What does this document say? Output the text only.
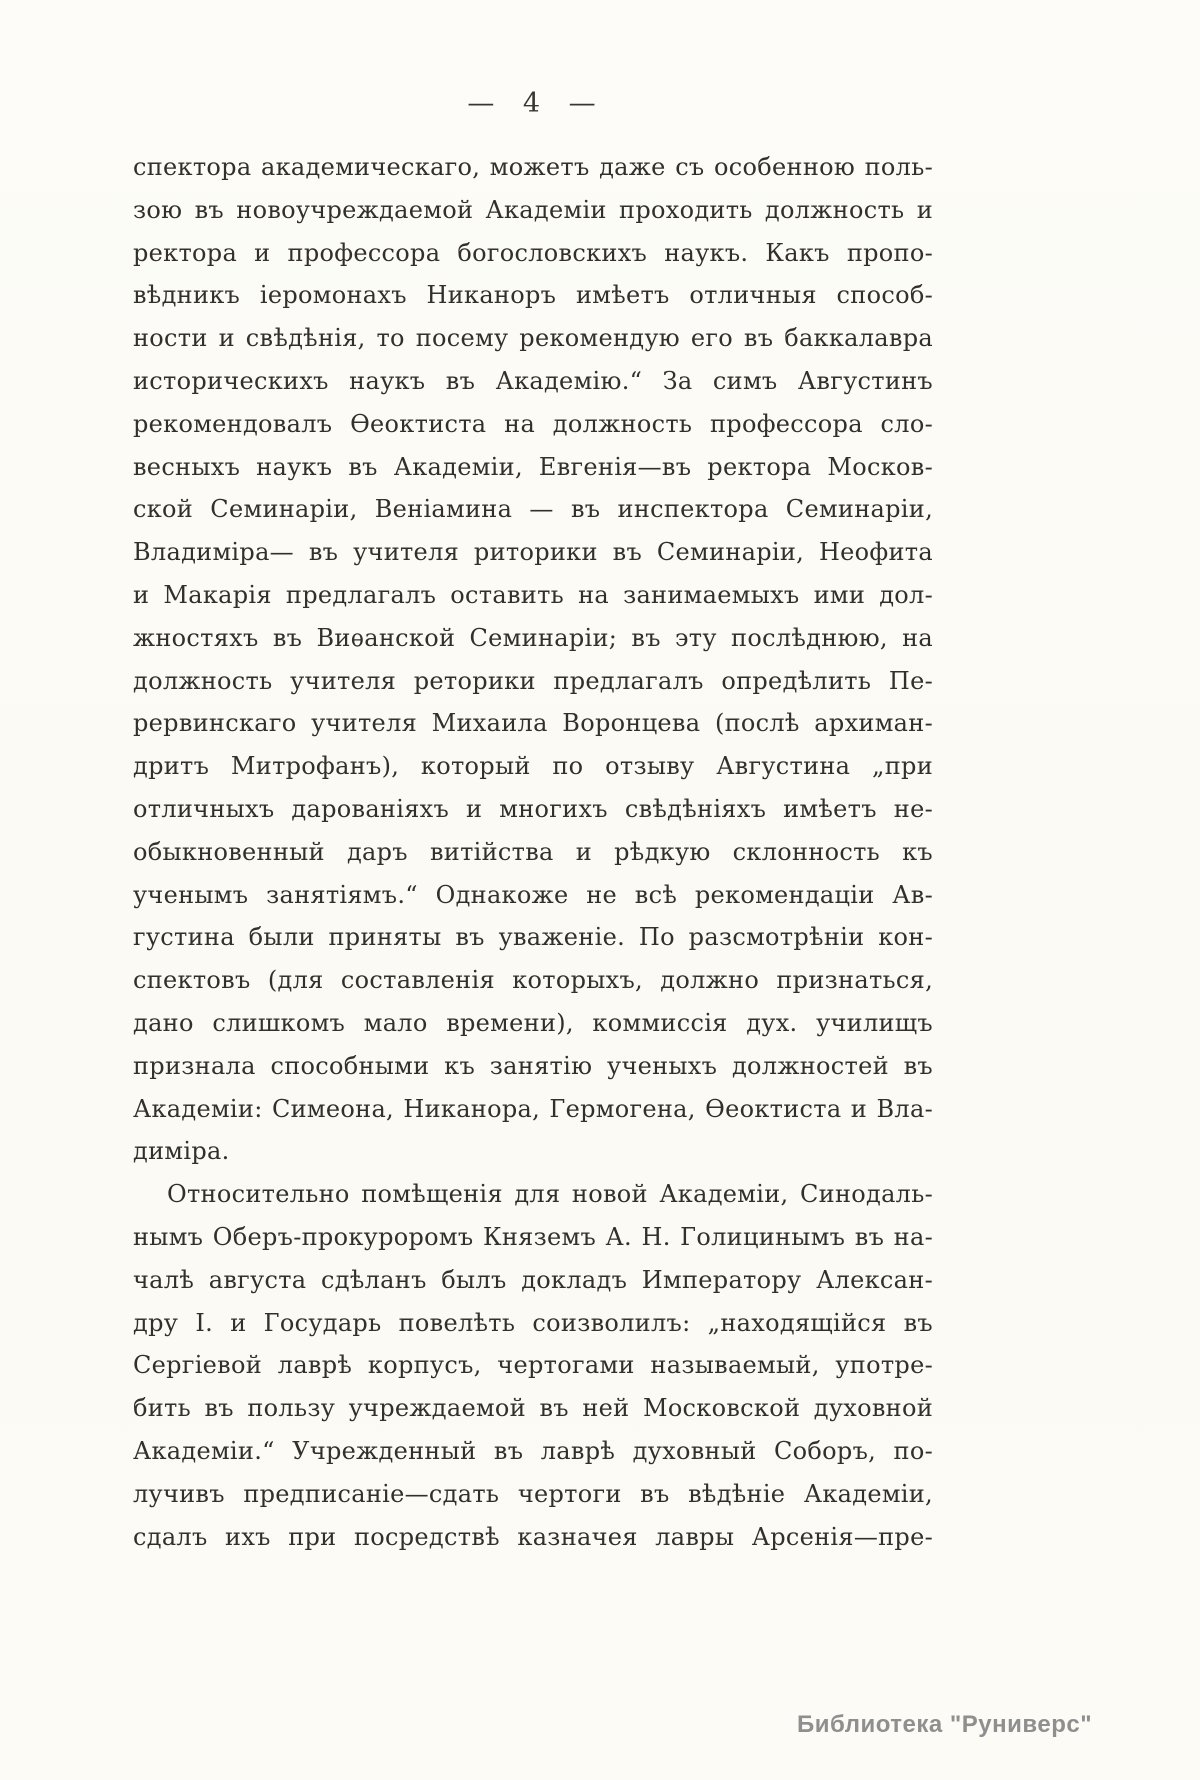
— 4 —
спектора академическаго, можетъ даже съ особенною поль-
зою въ новоучреждаемой Академіи проходить должность и
ректора и профессора богословскихъ наукъ. Какъ пропо-
вѣдникъ іеромонахъ Никаноръ имѣетъ отличныя способ-
ности и свѣдѣнія, то посему рекомендую его въ баккалавра
историческихъ наукъ въ Академію.“ За симъ Августинъ
рекомендовалъ Ѳеоктиста на должность профессора сло-
весныхъ наукъ въ Академіи, Евгенія—въ ректора Москов-
ской Семинаріи, Веніамина — въ инспектора Семинаріи,
Владиміра— въ учителя риторики въ Семинаріи, Неофита
и Макарія предлагалъ оставить на занимаемыхъ ими дол-
жностяхъ въ Виѳанской Семинаріи; въ эту послѣднюю, на
должность учителя реторики предлагалъ опредѣлить Пе-
рервинскаго учителя Михаила Воронцева (послѣ архиман-
дритъ Митрофанъ), который по отзыву Августина „при
отличныхъ дарованіяхъ и многихъ свѣдѣніяхъ имѣетъ не-
обыкновенный даръ витійства и рѣдкую склонность къ
ученымъ занятіямъ.“ Однакоже не всѣ рекомендаціи Ав-
густина были приняты въ уваженіе. По разсмотрѣніи кон-
спектовъ (для составленія которыхъ, должно признаться,
дано слишкомъ мало времени), коммиссія дух. училищъ
признала способными къ занятію ученыхъ должностей въ
Академіи: Симеона, Никанора, Гермогена, Ѳеоктиста и Вла-
диміра.
Относительно помѣщенія для новой Академіи, Синодаль-
нымъ Оберъ-прокуроромъ Княземъ А. Н. Голицинымъ въ на-
чалѣ августа сдѣланъ былъ докладъ Императору Алексан-
дру I. и Государь повелѣть соизволилъ: „находящійся въ
Сергіевой лаврѣ корпусъ, чертогами называемый, употре-
бить въ пользу учреждаемой въ ней Московской духовной
Академіи.“ Учрежденный въ лаврѣ духовный Соборъ, по-
лучивъ предписаніе—сдать чертоги въ вѣдѣніе Академіи,
сдалъ ихъ при посредствѣ казначея лавры Арсенія—пре-
Библиотека "Руниверс"
